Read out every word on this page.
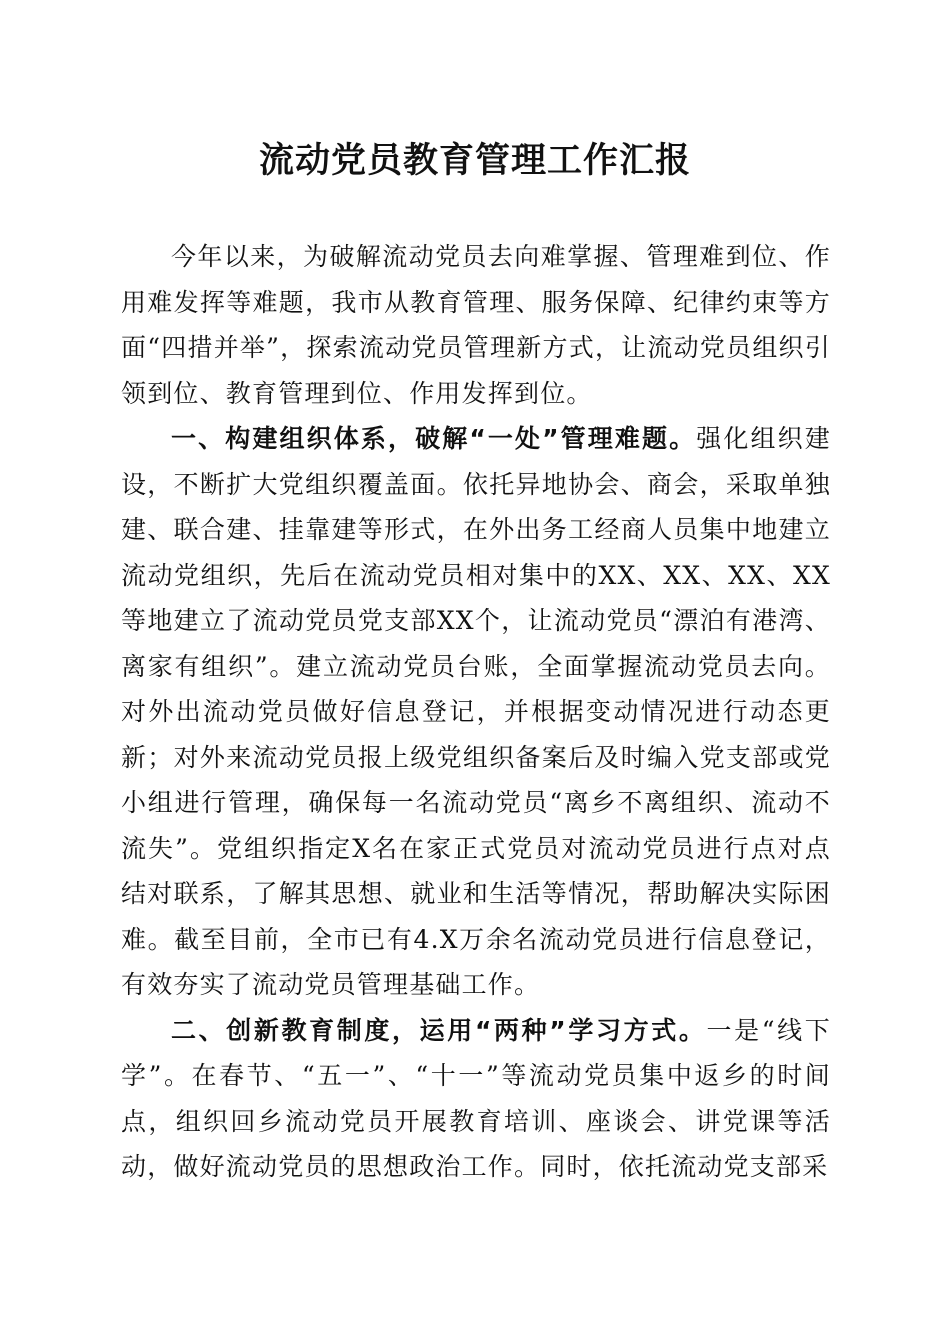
流动党员教育管理工作汇报

今年以来，为破解流动党员去向难掌握、管理难到位、作用难发挥等难题，我市从教育管理、服务保障、纪律约束等方面“四措并举”，探索流动党员管理新方式，让流动党员组织引领到位、教育管理到位、作用发挥到位。

一、构建组织体系，破解“一处”管理难题。强化组织建设，不断扩大党组织覆盖面。依托异地协会、商会，采取单独建、联合建、挂靠建等形式，在外出务工经商人员集中地建立流动党组织，先后在流动党员相对集中的XX、XX、XX、XX等地建立了流动党员党支部XX个，让流动党员“漂泊有港湾、离家有组织”。建立流动党员台账，全面掌握流动党员去向。对外出流动党员做好信息登记，并根据变动情况进行动态更新；对外来流动党员报上级党组织备案后及时编入党支部或党小组进行管理，确保每一名流动党员“离乡不离组织、流动不流失”。党组织指定X名在家正式党员对流动党员进行点对点结对联系，了解其思想、就业和生活等情况，帮助解决实际困难。截至目前，全市已有4.X万余名流动党员进行信息登记，有效夯实了流动党员管理基础工作。

二、创新教育制度，运用“两种”学习方式。一是“线下学”。在春节、“五一”、“十一”等流动党员集中返乡的时间点，组织回乡流动党员开展教育培训、座谈会、讲党课等活动，做好流动党员的思想政治工作。同时，依托流动党支部采
